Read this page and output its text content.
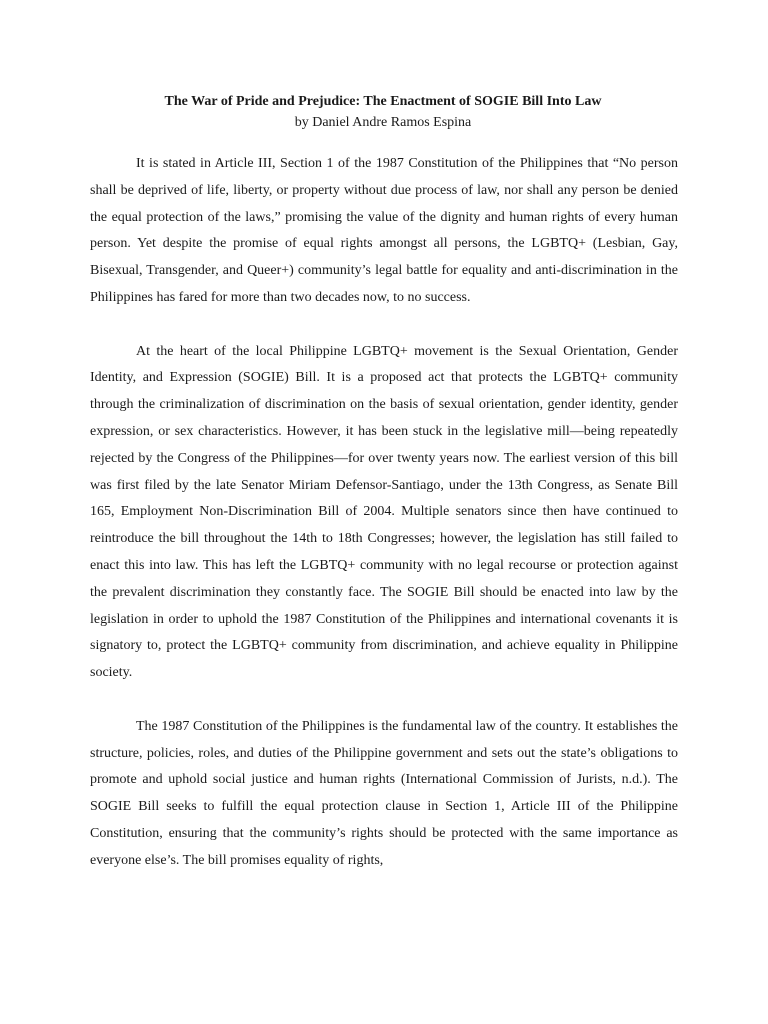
The War of Pride and Prejudice: The Enactment of SOGIE Bill Into Law
by Daniel Andre Ramos Espina

It is stated in Article III, Section 1 of the 1987 Constitution of the Philippines that “No person shall be deprived of life, liberty, or property without due process of law, nor shall any person be denied the equal protection of the laws,” promising the value of the dignity and human rights of every human person. Yet despite the promise of equal rights amongst all persons, the LGBTQ+ (Lesbian, Gay, Bisexual, Transgender, and Queer+) community’s legal battle for equality and anti-discrimination in the Philippines has fared for more than two decades now, to no success.

At the heart of the local Philippine LGBTQ+ movement is the Sexual Orientation, Gender Identity, and Expression (SOGIE) Bill. It is a proposed act that protects the LGBTQ+ community through the criminalization of discrimination on the basis of sexual orientation, gender identity, gender expression, or sex characteristics. However, it has been stuck in the legislative mill—being repeatedly rejected by the Congress of the Philippines—for over twenty years now. The earliest version of this bill was first filed by the late Senator Miriam Defensor-Santiago, under the 13th Congress, as Senate Bill 165, Employment Non-Discrimination Bill of 2004. Multiple senators since then have continued to reintroduce the bill throughout the 14th to 18th Congresses; however, the legislation has still failed to enact this into law. This has left the LGBTQ+ community with no legal recourse or protection against the prevalent discrimination they constantly face. The SOGIE Bill should be enacted into law by the legislation in order to uphold the 1987 Constitution of the Philippines and international covenants it is signatory to, protect the LGBTQ+ community from discrimination, and achieve equality in Philippine society.

The 1987 Constitution of the Philippines is the fundamental law of the country. It establishes the structure, policies, roles, and duties of the Philippine government and sets out the state’s obligations to promote and uphold social justice and human rights (International Commission of Jurists, n.d.). The SOGIE Bill seeks to fulfill the equal protection clause in Section 1, Article III of the Philippine Constitution, ensuring that the community’s rights should be protected with the same importance as everyone else’s. The bill promises equality of rights,
